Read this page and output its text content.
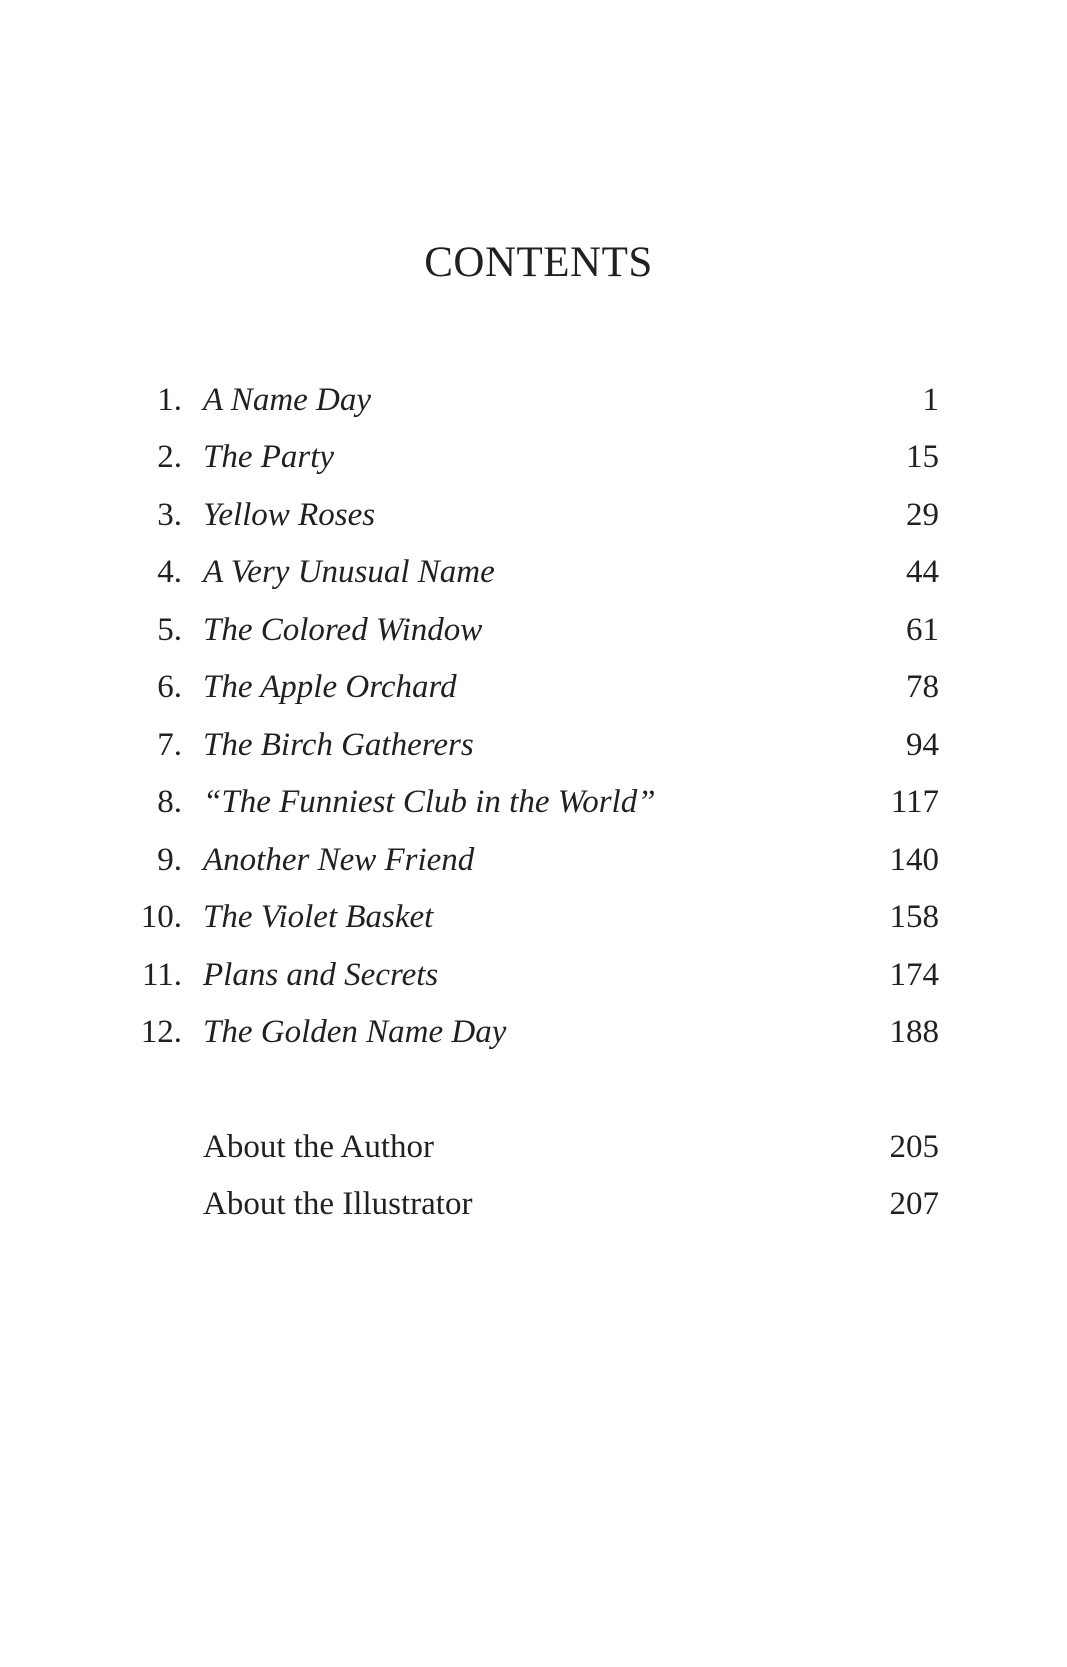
CONTENTS
1. A Name Day	1
2. The Party	15
3. Yellow Roses	29
4. A Very Unusual Name	44
5. The Colored Window	61
6. The Apple Orchard	78
7. The Birch Gatherers	94
8. “The Funniest Club in the World”	117
9. Another New Friend	140
10. The Violet Basket	158
11. Plans and Secrets	174
12. The Golden Name Day	188
About the Author	205
About the Illustrator	207
